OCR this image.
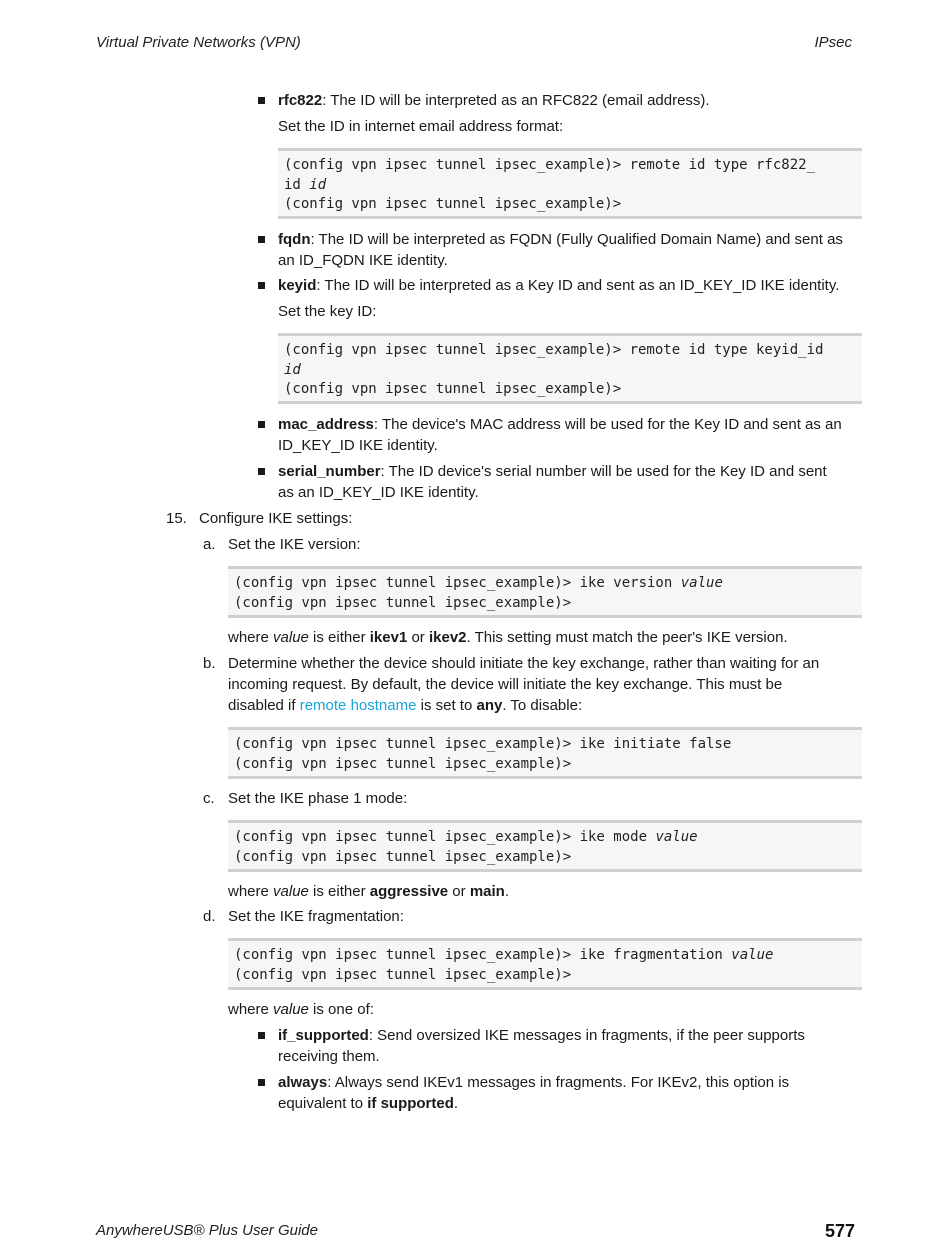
Virtual Private Networks (VPN)	IPsec
rfc822: The ID will be interpreted as an RFC822 (email address).
Set the ID in internet email address format:
(config vpn ipsec tunnel ipsec_example)> remote id type rfc822_
id id
(config vpn ipsec tunnel ipsec_example)>
fqdn: The ID will be interpreted as FQDN (Fully Qualified Domain Name) and sent as
an ID_FQDN IKE identity.
keyid: The ID will be interpreted as a Key ID and sent as an ID_KEY_ID IKE identity.
Set the key ID:
(config vpn ipsec tunnel ipsec_example)> remote id type keyid_id
id
(config vpn ipsec tunnel ipsec_example)>
mac_address: The device's MAC address will be used for the Key ID and sent as an
ID_KEY_ID IKE identity.
serial_number: The ID device's serial number will be used for the Key ID and sent
as an ID_KEY_ID IKE identity.
15. Configure IKE settings:
a. Set the IKE version:
(config vpn ipsec tunnel ipsec_example)> ike version value
(config vpn ipsec tunnel ipsec_example)>
where value is either ikev1 or ikev2. This setting must match the peer's IKE version.
b. Determine whether the device should initiate the key exchange, rather than waiting for an
incoming request. By default, the device will initiate the key exchange. This must be
disabled if remote hostname is set to any. To disable:
(config vpn ipsec tunnel ipsec_example)> ike initiate false
(config vpn ipsec tunnel ipsec_example)>
c. Set the IKE phase 1 mode:
(config vpn ipsec tunnel ipsec_example)> ike mode value
(config vpn ipsec tunnel ipsec_example)>
where value is either aggressive or main.
d. Set the IKE fragmentation:
(config vpn ipsec tunnel ipsec_example)> ike fragmentation value
(config vpn ipsec tunnel ipsec_example)>
where value is one of:
if_supported: Send oversized IKE messages in fragments, if the peer supports
receiving them.
always: Always send IKEv1 messages in fragments. For IKEv2, this option is
equivalent to if supported.
AnywhereUSB® Plus User Guide	577
